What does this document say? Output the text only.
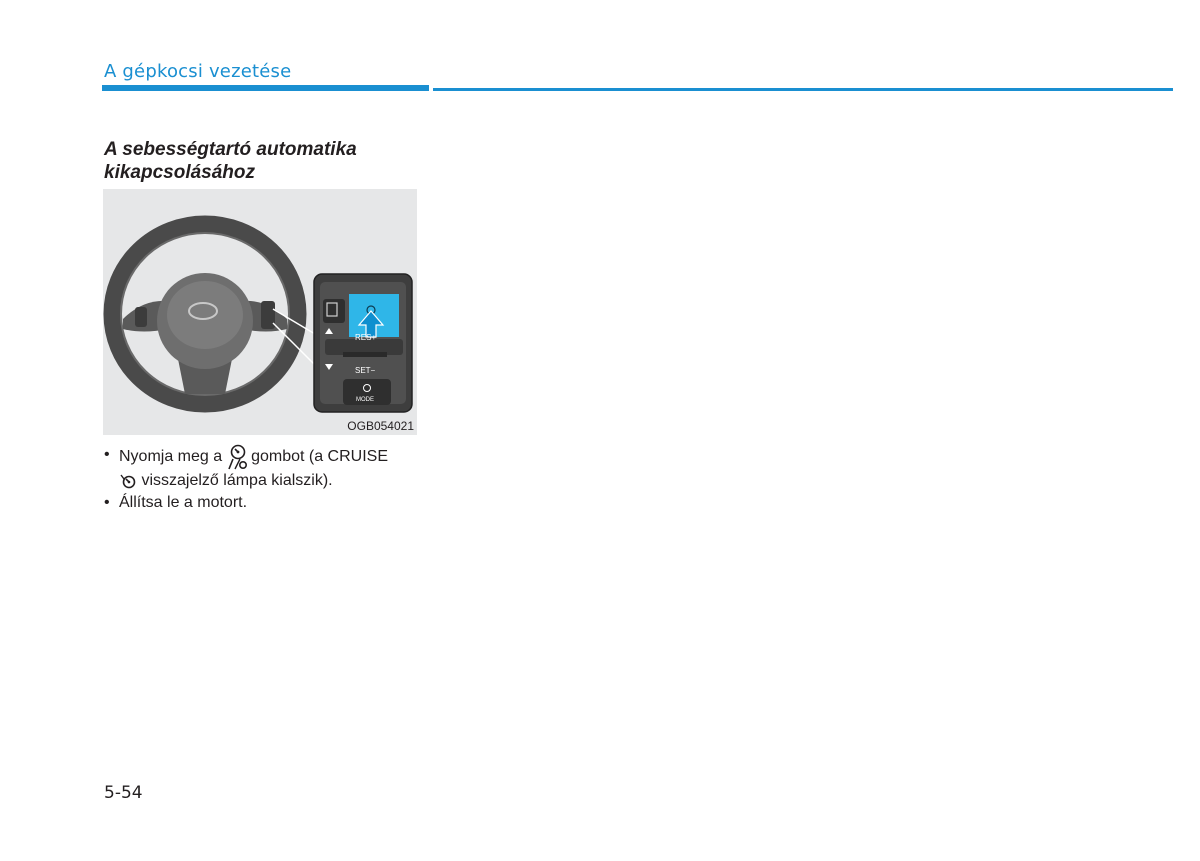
A gépkocsi vezetése
A sebességtartó automatika kikapcsolásához
RES+
SET−
MODE
OGB054021
• Nyomja meg a gombot (a CRUISE
visszajelző lámpa kialszik).
• Állítsa le a motort.
5-54
